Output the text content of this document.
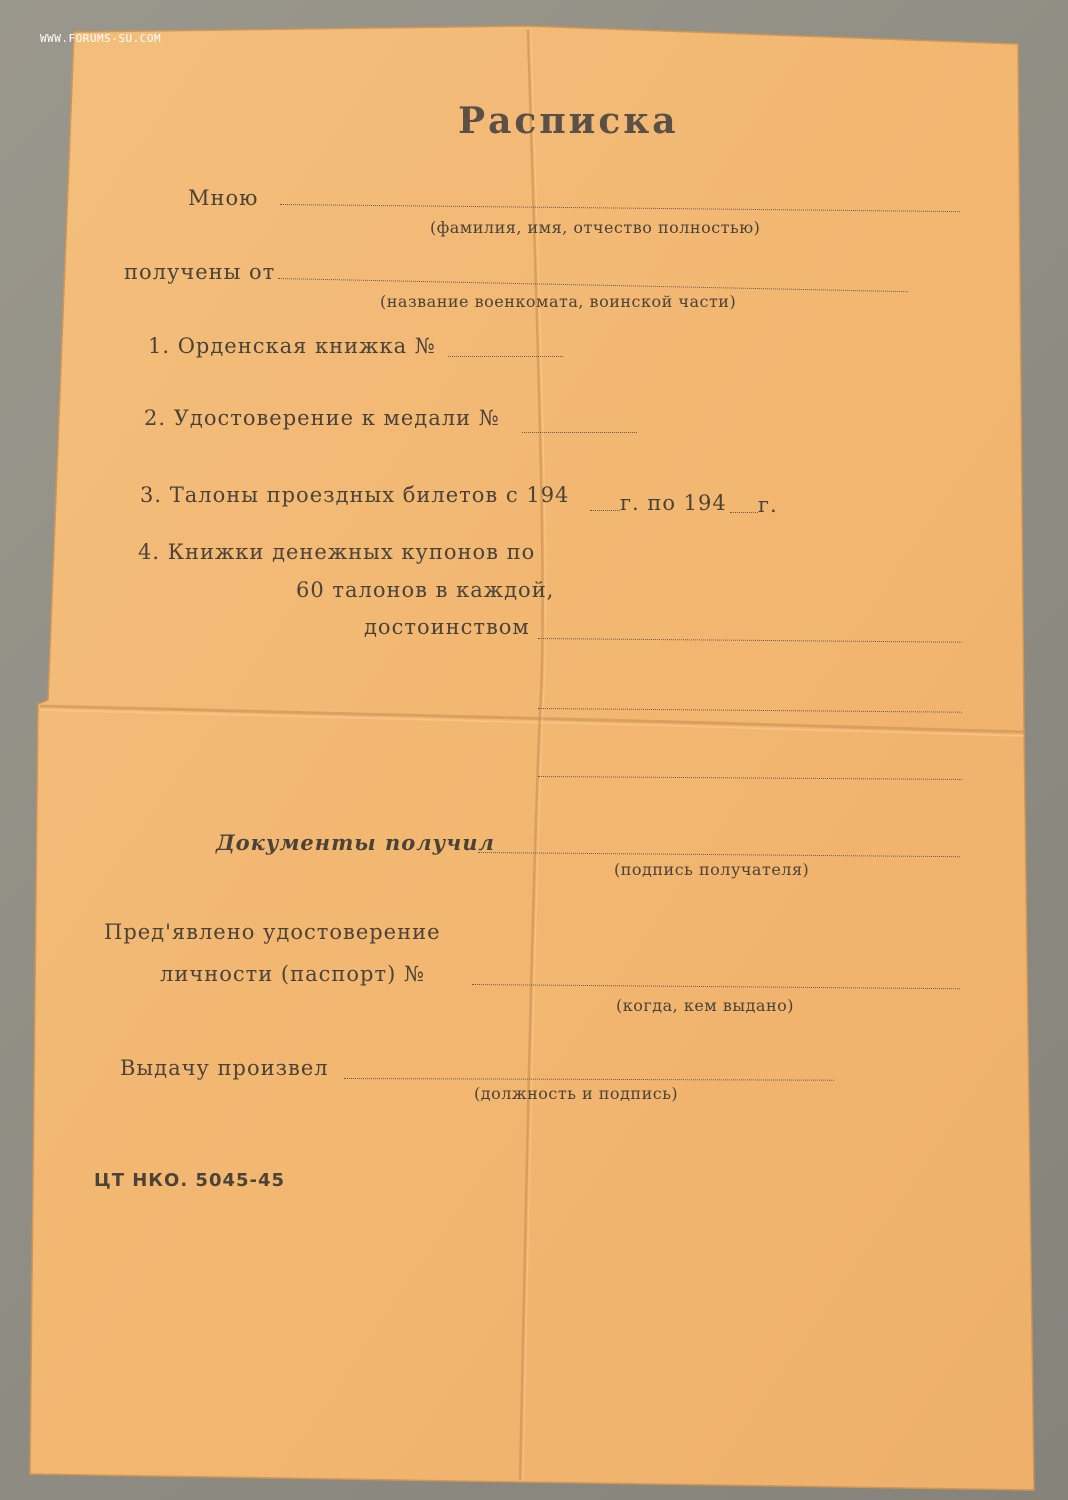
WWW.FORUMS-SU.COM
Расписка
Мною
(фамилия, имя, отчество полностью)
получены от
(название военкомата, воинской части)
1. Орденская книжка №
2. Удостоверение к медали №
3. Талоны проездных билетов с 194 г. по 194 г.
4. Книжки денежных купонов по
60 талонов в каждой,
достоинством
Документы получил
(подпись получателя)
Пред'явлено удостоверение
личности (паспорт) №
(когда, кем выдано)
Выдачу произвел
(должность и подпись)
ЦТ НКО. 5045-45
